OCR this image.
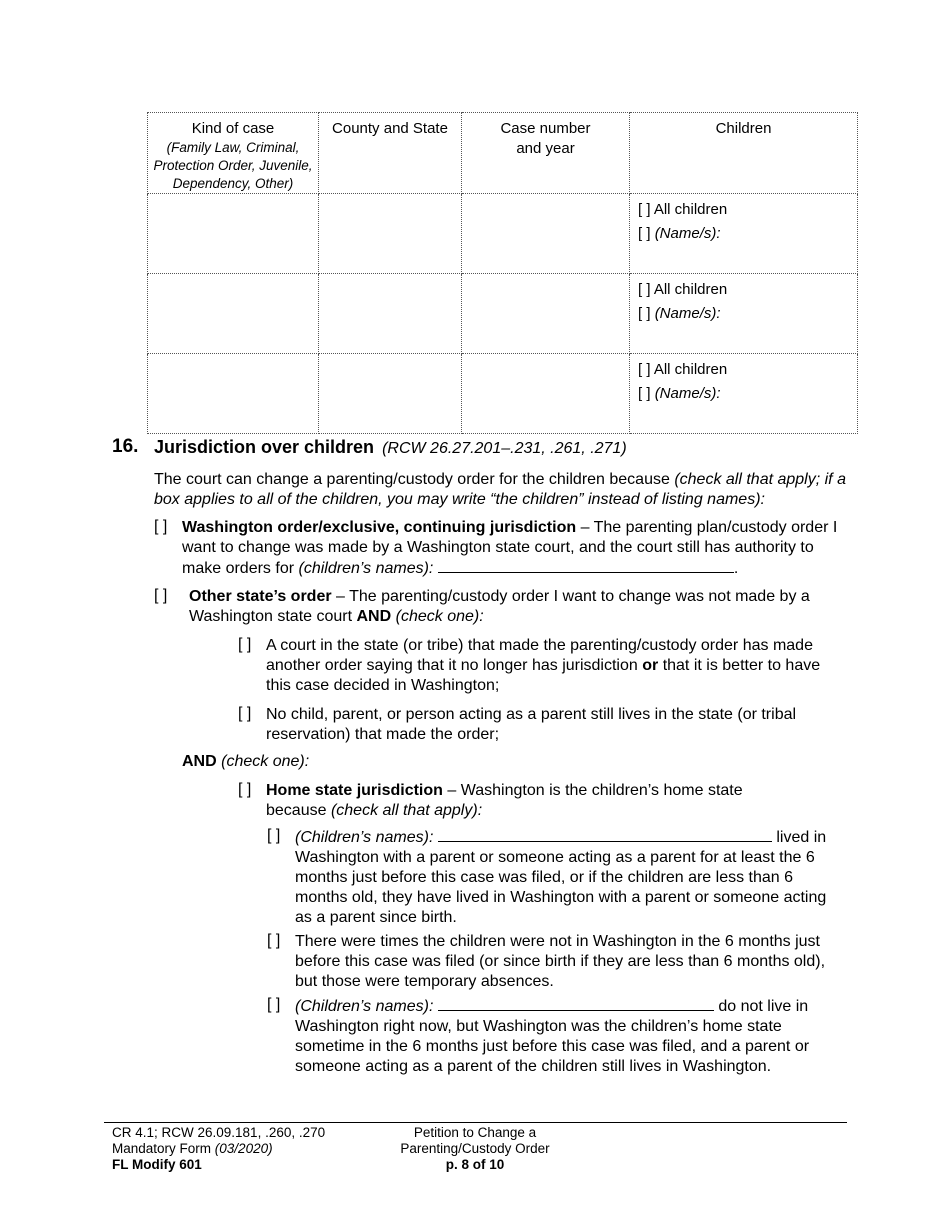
Kind of case
(Family Law, Criminal, Protection Order, Juvenile, Dependency, Other)	County and State	Case number and year	Children

			[ ] All children
[ ] (Name/s):

			[ ] All children
[ ] (Name/s):

			[ ] All children
[ ] (Name/s):
16. Jurisdiction over children (RCW 26.27.201–.231, .261, .271)
The court can change a parenting/custody order for the children because (check all that apply; if a box applies to all of the children, you may write “the children” instead of listing names):
[ ] Washington order/exclusive, continuing jurisdiction – The parenting plan/custody order I want to change was made by a Washington state court, and the court still has authority to make orders for (children’s names):	.
[ ] Other state’s order – The parenting/custody order I want to change was not made by a Washington state court AND (check one):
[ ] A court in the state (or tribe) that made the parenting/custody order has made another order saying that it no longer has jurisdiction or that it is better to have this case decided in Washington;
[ ] No child, parent, or person acting as a parent still lives in the state (or tribal reservation) that made the order;
AND (check one):
[ ] Home state jurisdiction – Washington is the children’s home state because (check all that apply):
[ ] (Children’s names):	lived in Washington with a parent or someone acting as a parent for at least the 6 months just before this case was filed, or if the children are less than 6 months old, they have lived in Washington with a parent or someone acting as a parent since birth.
[ ] There were times the children were not in Washington in the 6 months just before this case was filed (or since birth if they are less than 6 months old), but those were temporary absences.
[ ] (Children’s names):	do not live in Washington right now, but Washington was the children’s home state sometime in the 6 months just before this case was filed, and a parent or someone acting as a parent of the children still lives in Washington.
CR 4.1; RCW 26.09.181, .260, .270
Mandatory Form (03/2020)
FL Modify 601
Petition to Change a
Parenting/Custody Order
p. 8 of 10
